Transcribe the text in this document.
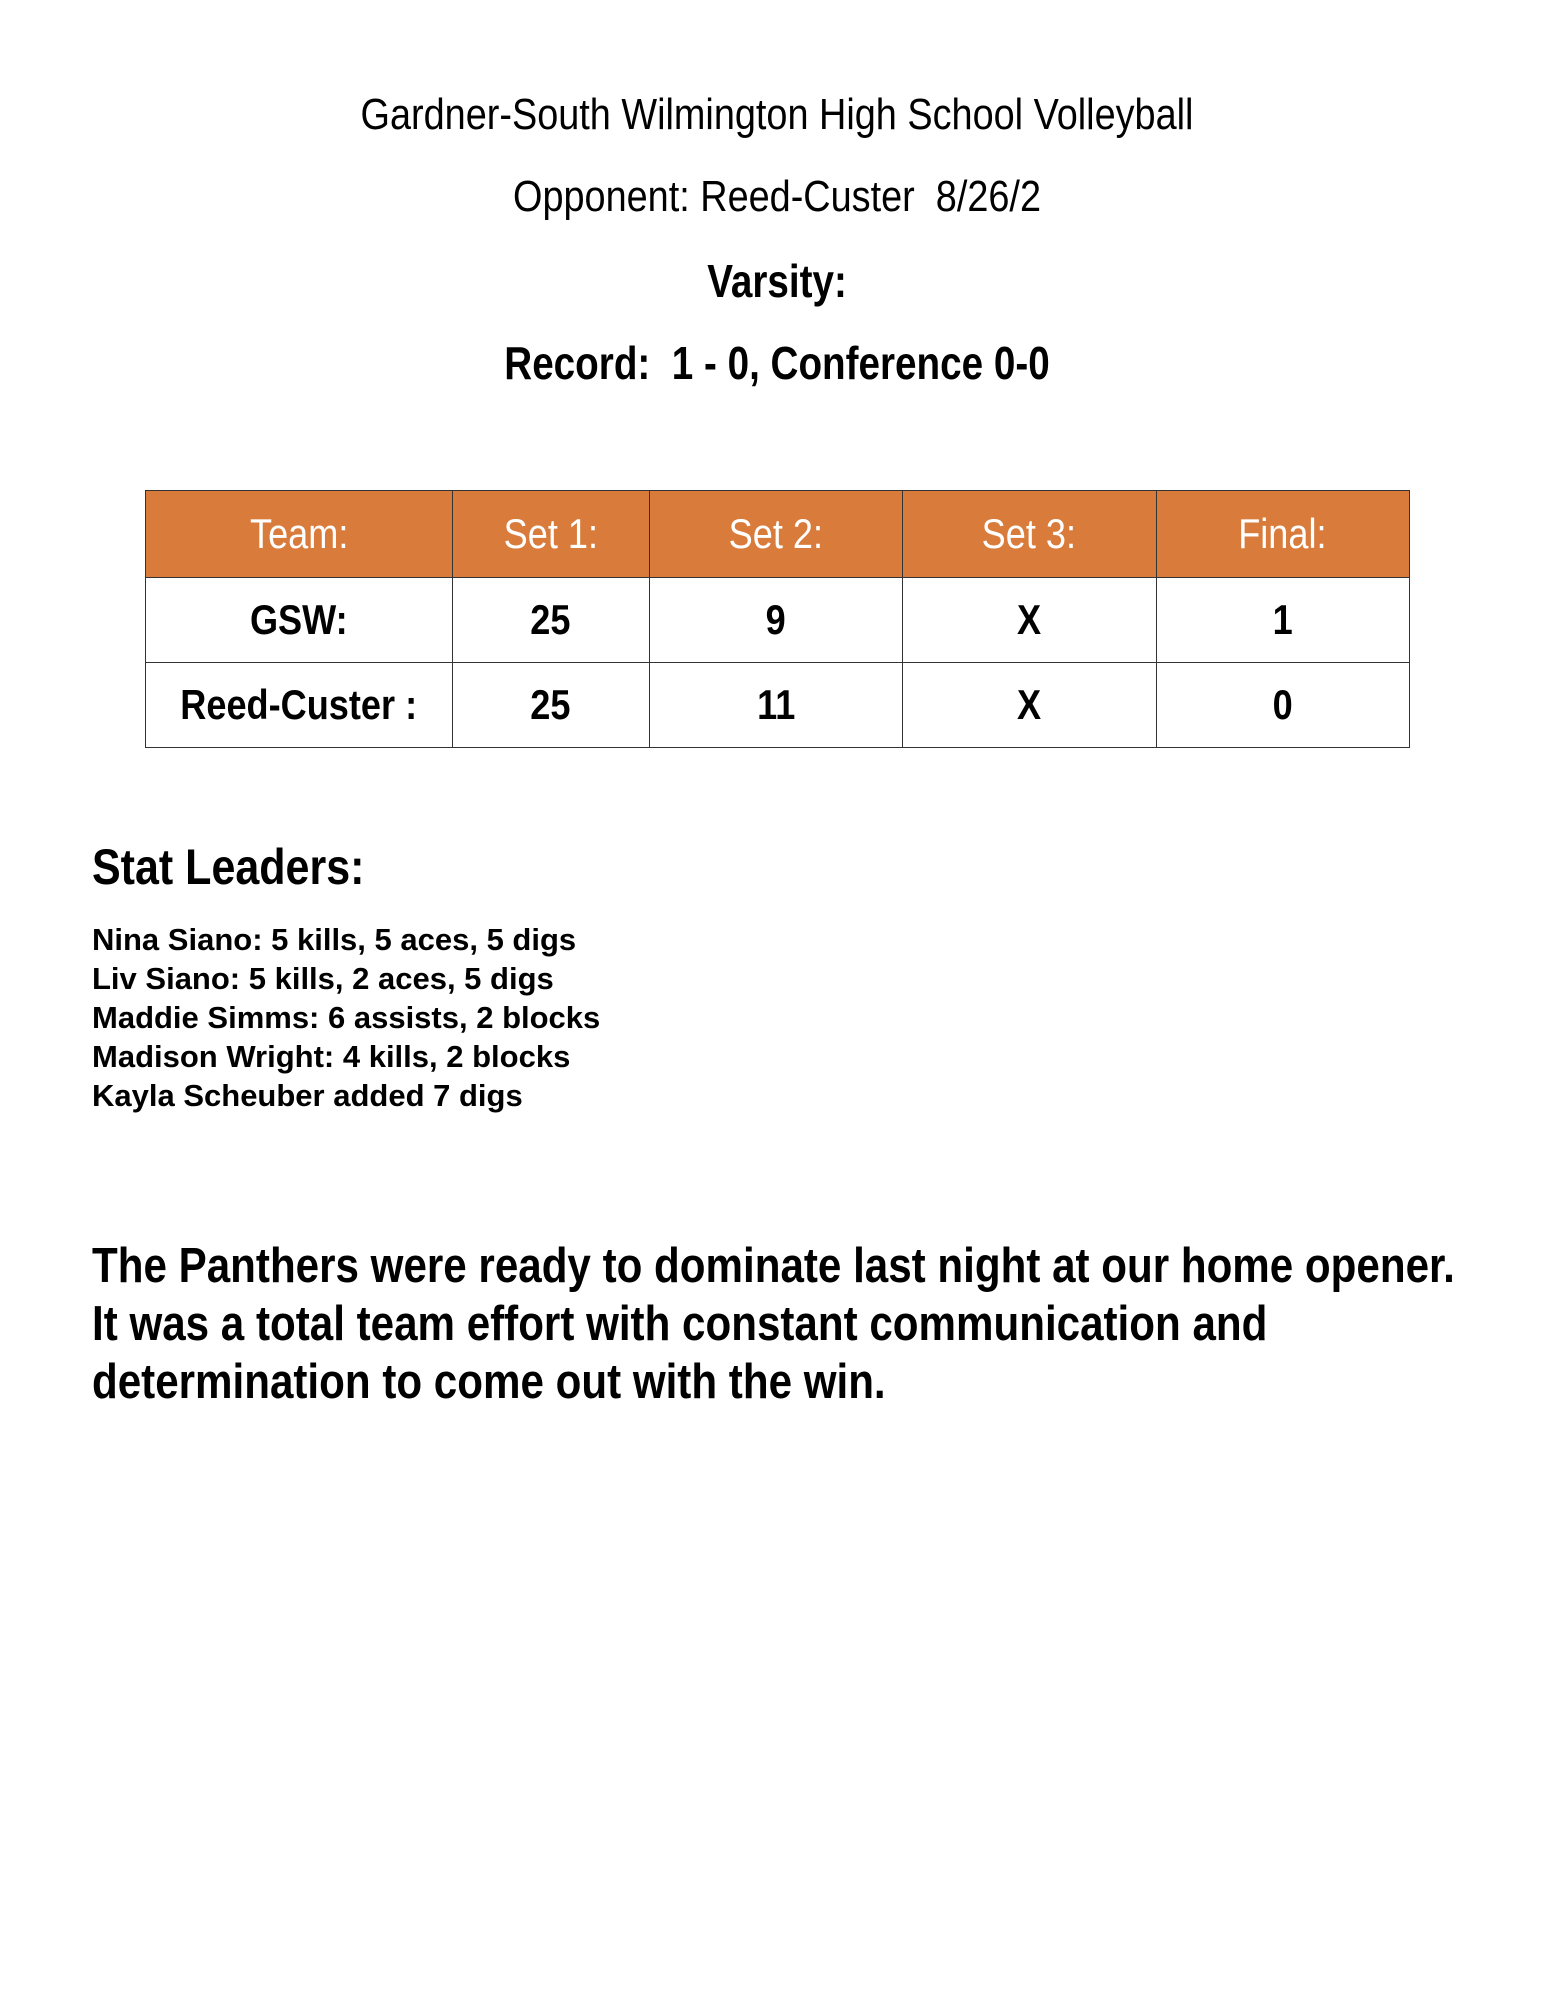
Gardner-South Wilmington High School Volleyball
Opponent: Reed-Custer  8/26/2
Varsity:
Record:  1 - 0, Conference 0-0
Team:	Set 1:	Set 2:	Set 3:	Final:
GSW:	25	9	X	1
Reed-Custer :	25	11	X	0
Stat Leaders:
Nina Siano: 5 kills, 5 aces, 5 digs
Liv Siano: 5 kills, 2 aces, 5 digs
Maddie Simms: 6 assists, 2 blocks
Madison Wright: 4 kills, 2 blocks
Kayla Scheuber added 7 digs
The Panthers were ready to dominate last night at our home opener.
It was a total team effort with constant communication and
determination to come out with the win.
